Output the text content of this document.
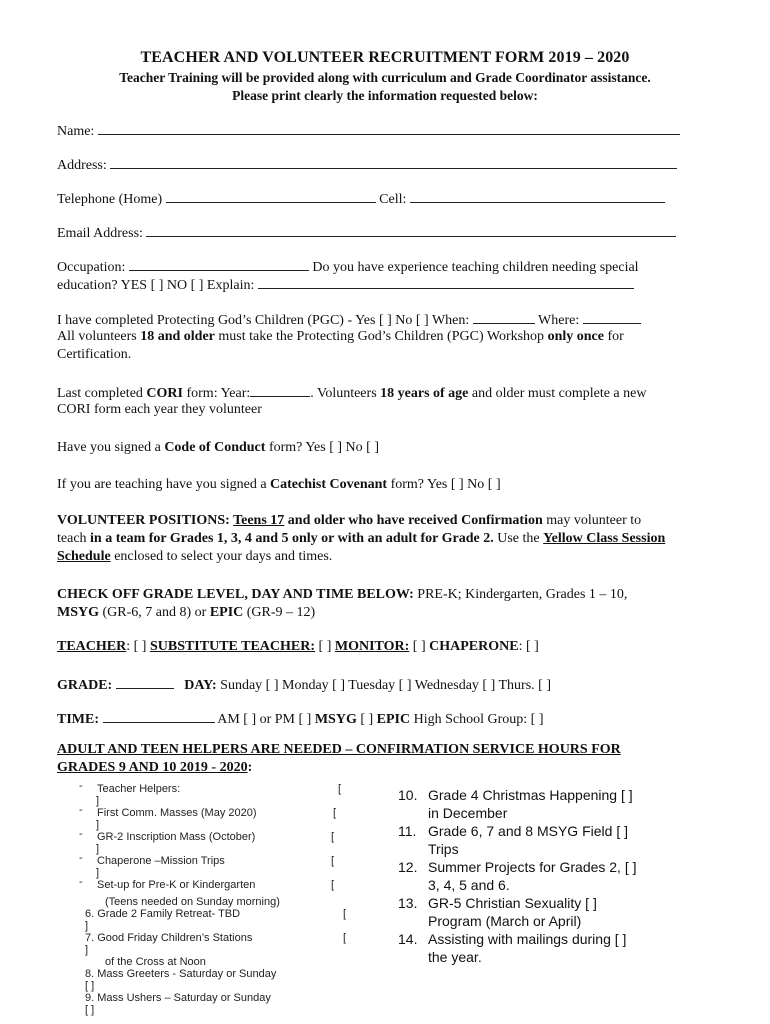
TEACHER AND VOLUNTEER RECRUITMENT FORM 2019 – 2020
Teacher Training will be provided along with curriculum and Grade Coordinator assistance.
Please print clearly the information requested below:
Name:
Address:
Telephone (Home)	Cell:
Email Address:
Occupation:	Do you have experience teaching children needing special
education? YES [ ] NO [ ] Explain:
I have completed Protecting God’s Children (PGC) - Yes [ ] No [ ] When:	Where:
All volunteers 18 and older must take the Protecting God’s Children (PGC) Workshop only once for
Certification.
Last completed CORI form: Year:	. Volunteers 18 years of age and older must complete a new
CORI form each year they volunteer
Have you signed a Code of Conduct form? Yes [ ] No [ ]
If you are teaching have you signed a Catechist Covenant form? Yes [ ] No [ ]
VOLUNTEER POSITIONS: Teens 17 and older who have received Confirmation may volunteer to
teach in a team for Grades 1, 3, 4 and 5 only or with an adult for Grade 2. Use the Yellow Class Session
Schedule enclosed to select your days and times.
CHECK OFF GRADE LEVEL, DAY AND TIME BELOW: PRE-K; Kindergarten, Grades 1 – 10,
MSYG (GR-6, 7 and 8) or EPIC (GR-9 – 12)
TEACHER: [ ] SUBSTITUTE TEACHER: [ ] MONITOR: [ ] CHAPERONE: [ ]
GRADE:	DAY: Sunday [ ] Monday [ ] Tuesday [ ] Wednesday [ ] Thurs. [ ]
TIME:	AM [ ] or PM [ ] MSYG [ ] EPIC High School Group: [ ]
ADULT AND TEEN HELPERS ARE NEEDED – CONFIRMATION SERVICE HOURS FOR
GRADES 9 AND 10 2019 - 2020:
- Teacher Helpers:	[
]
- First Comm. Masses (May 2020)	[
]
- GR-2 Inscription Mass (October)	[
]
- Chaperone –Mission Trips	[
]
- Set-up for Pre-K or Kindergarten	[
(Teens needed on Sunday morning)
6. Grade 2 Family Retreat- TBD	[
]
7. Good Friday Children’s Stations	[
]
of the Cross at Noon
8. Mass Greeters - Saturday or Sunday
[ ]
9. Mass Ushers – Saturday or Sunday
[ ]
10. Grade 4 Christmas Happening [ ]
in December
11. Grade 6, 7 and 8 MSYG Field [ ]
Trips
12. Summer Projects for Grades 2, [ ]
3, 4, 5 and 6.
13. GR-5 Christian Sexuality [ ]
Program (March or April)
14. Assisting with mailings during [ ]
the year.
